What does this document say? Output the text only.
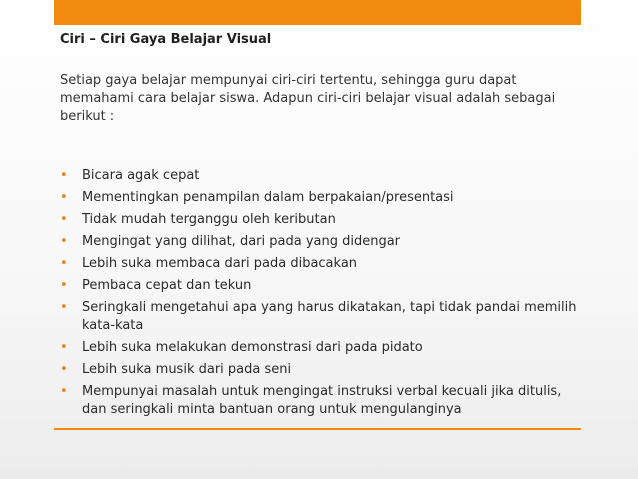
Ciri – Ciri Gaya Belajar Visual

Setiap gaya belajar mempunyai ciri-ciri tertentu, sehingga guru dapat memahami cara belajar siswa. Adapun ciri-ciri belajar visual adalah sebagai berikut :

• Bicara agak cepat
• Mementingkan penampilan dalam berpakaian/presentasi
• Tidak mudah terganggu oleh keributan
• Mengingat yang dilihat, dari pada yang didengar
• Lebih suka membaca dari pada dibacakan
• Pembaca cepat dan tekun
• Seringkali mengetahui apa yang harus dikatakan, tapi tidak pandai memilih kata-kata
• Lebih suka melakukan demonstrasi dari pada pidato
• Lebih suka musik dari pada seni
• Mempunyai masalah untuk mengingat instruksi verbal kecuali jika ditulis, dan seringkali minta bantuan orang untuk mengulanginya
